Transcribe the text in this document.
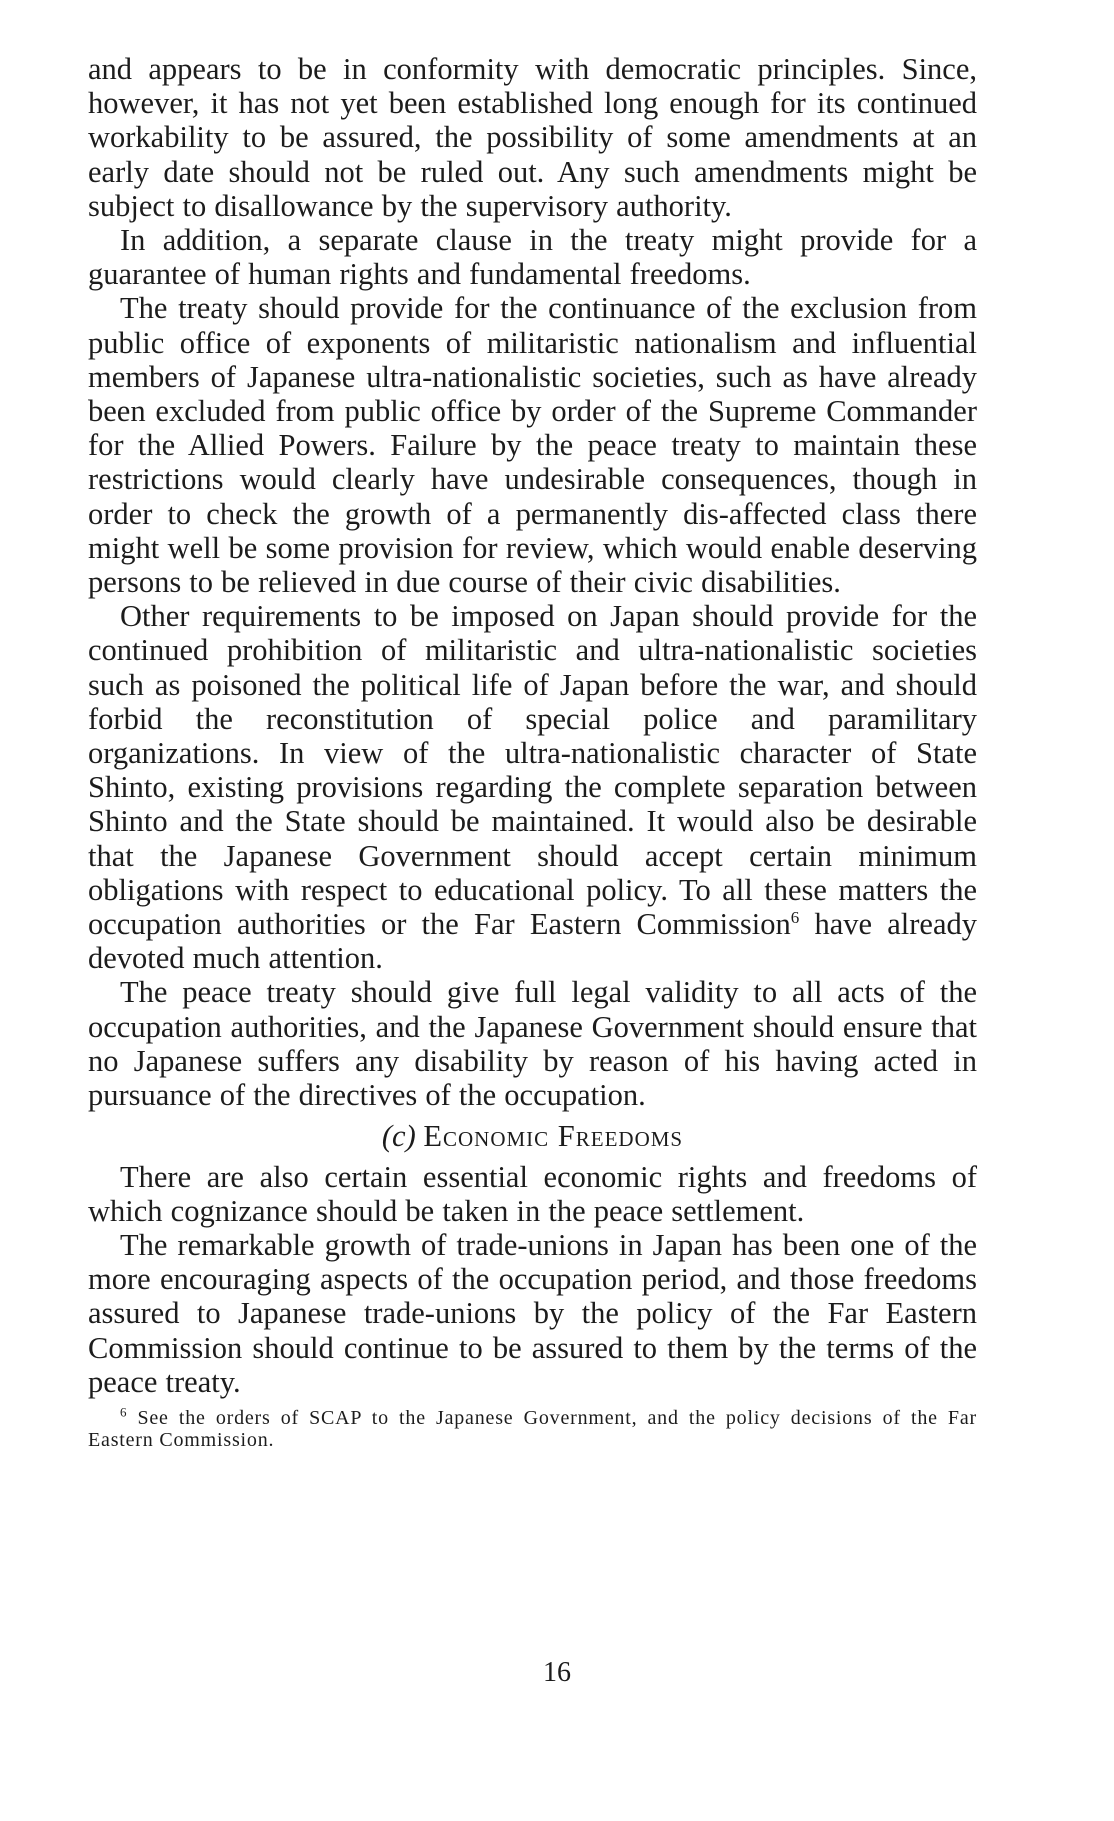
and appears to be in conformity with democratic principles. Since, however, it has not yet been established long enough for its continued workability to be assured, the possibility of some amendments at an early date should not be ruled out. Any such amendments might be subject to disallowance by the supervisory authority.

In addition, a separate clause in the treaty might provide for a guarantee of human rights and fundamental freedoms.

The treaty should provide for the continuance of the exclusion from public office of exponents of militaristic nationalism and influential members of Japanese ultra-nationalistic societies, such as have already been excluded from public office by order of the Supreme Commander for the Allied Powers. Failure by the peace treaty to maintain these restrictions would clearly have undesirable consequences, though in order to check the growth of a permanently dis-affected class there might well be some provision for review, which would enable deserving persons to be relieved in due course of their civic disabilities.

Other requirements to be imposed on Japan should provide for the continued prohibition of militaristic and ultra-nationalistic societies such as poisoned the political life of Japan before the war, and should forbid the reconstitution of special police and paramilitary organizations. In view of the ultra-nationalistic character of State Shinto, existing provisions regarding the complete separation between Shinto and the State should be maintained. It would also be desirable that the Japanese Government should accept certain minimum obligations with respect to educational policy. To all these matters the occupation authorities or the Far Eastern Commission$^6$ have already devoted much attention.

The peace treaty should give full legal validity to all acts of the occupation authorities, and the Japanese Government should ensure that no Japanese suffers any disability by reason of his having acted in pursuance of the directives of the occupation.

(c) Economic Freedoms

There are also certain essential economic rights and freedoms of which cognizance should be taken in the peace settlement.

The remarkable growth of trade-unions in Japan has been one of the more encouraging aspects of the occupation period, and those freedoms assured to Japanese trade-unions by the policy of the Far Eastern Commission should continue to be assured to them by the terms of the peace treaty.

$^6$ See the orders of SCAP to the Japanese Government, and the policy decisions of the Far Eastern Commission.

16
